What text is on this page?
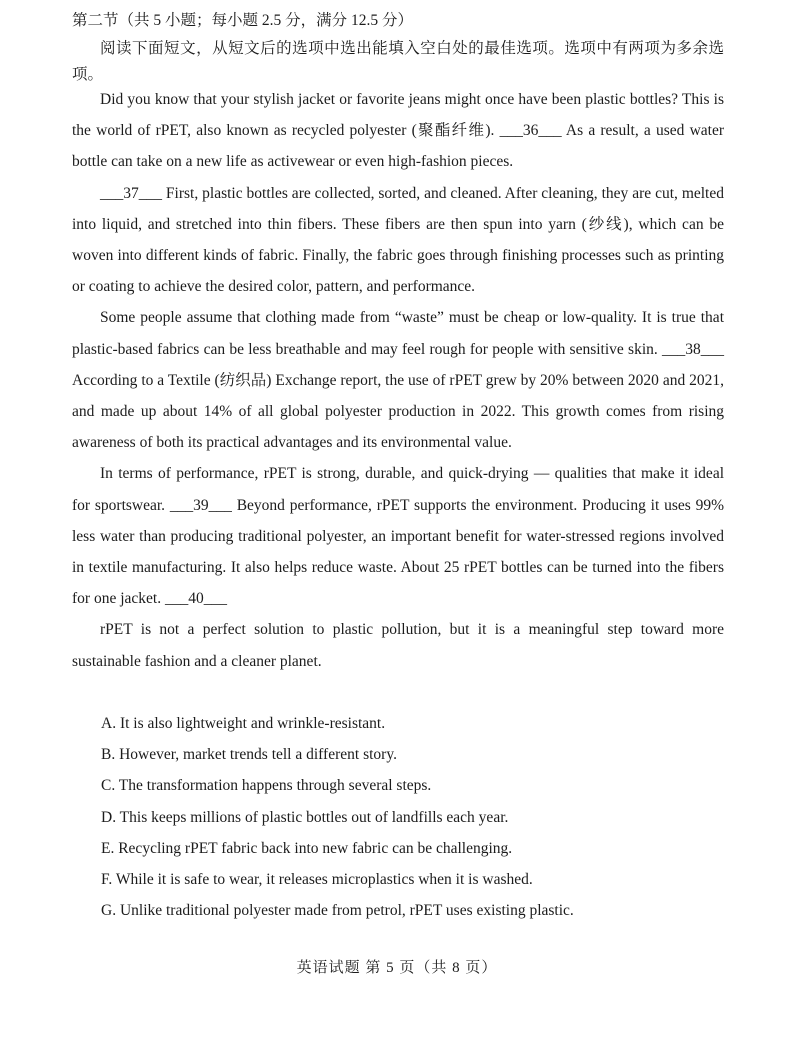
第二节（共 5 小题；每小题 2.5 分，满分 12.5 分）

阅读下面短文，从短文后的选项中选出能填入空白处的最佳选项。选项中有两项为多余选项。

Did you know that your stylish jacket or favorite jeans might once have been plastic bottles? This is the world of rPET, also known as recycled polyester (聚酯纤维). ___36___ As a result, a used water bottle can take on a new life as activewear or even high-fashion pieces.

___37___ First, plastic bottles are collected, sorted, and cleaned. After cleaning, they are cut, melted into liquid, and stretched into thin fibers. These fibers are then spun into yarn (纱线), which can be woven into different kinds of fabric. Finally, the fabric goes through finishing processes such as printing or coating to achieve the desired color, pattern, and performance.

Some people assume that clothing made from “waste” must be cheap or low-quality. It is true that plastic-based fabrics can be less breathable and may feel rough for people with sensitive skin. ___38___ According to a Textile (纺织品) Exchange report, the use of rPET grew by 20% between 2020 and 2021, and made up about 14% of all global polyester production in 2022. This growth comes from rising awareness of both its practical advantages and its environmental value.

In terms of performance, rPET is strong, durable, and quick-drying — qualities that make it ideal for sportswear. ___39___ Beyond performance, rPET supports the environment. Producing it uses 99% less water than producing traditional polyester, an important benefit for water-stressed regions involved in textile manufacturing. It also helps reduce waste. About 25 rPET bottles can be turned into the fibers for one jacket. ___40___

rPET is not a perfect solution to plastic pollution, but it is a meaningful step toward more sustainable fashion and a cleaner planet.

A. It is also lightweight and wrinkle-resistant.
B. However, market trends tell a different story.
C. The transformation happens through several steps.
D. This keeps millions of plastic bottles out of landfills each year.
E. Recycling rPET fabric back into new fabric can be challenging.
F. While it is safe to wear, it releases microplastics when it is washed.
G. Unlike traditional polyester made from petrol, rPET uses existing plastic.
英语试题 第 5 页（共 8 页）
